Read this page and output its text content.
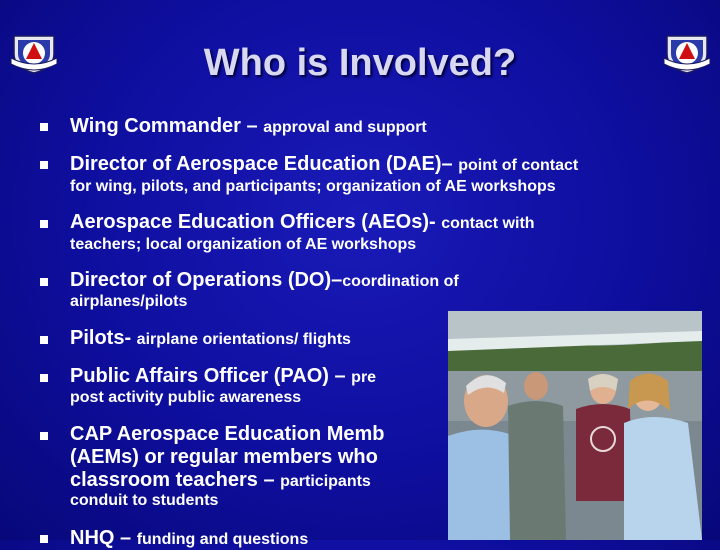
Who is Involved?
Wing Commander – approval and support
Director of Aerospace Education (DAE)– point of contact
for wing, pilots, and participants; organization of AE workshops
Aerospace Education Officers (AEOs)- contact with
teachers; local organization of AE workshops
Director of Operations (DO)–coordination of
airplanes/pilots
Pilots- airplane orientations/ flights
Public Affairs Officer (PAO) – pre
post activity public awareness
CAP Aerospace Education Memb
(AEMs) or regular members who
classroom teachers – participants
conduit to students
NHQ – funding and questions
